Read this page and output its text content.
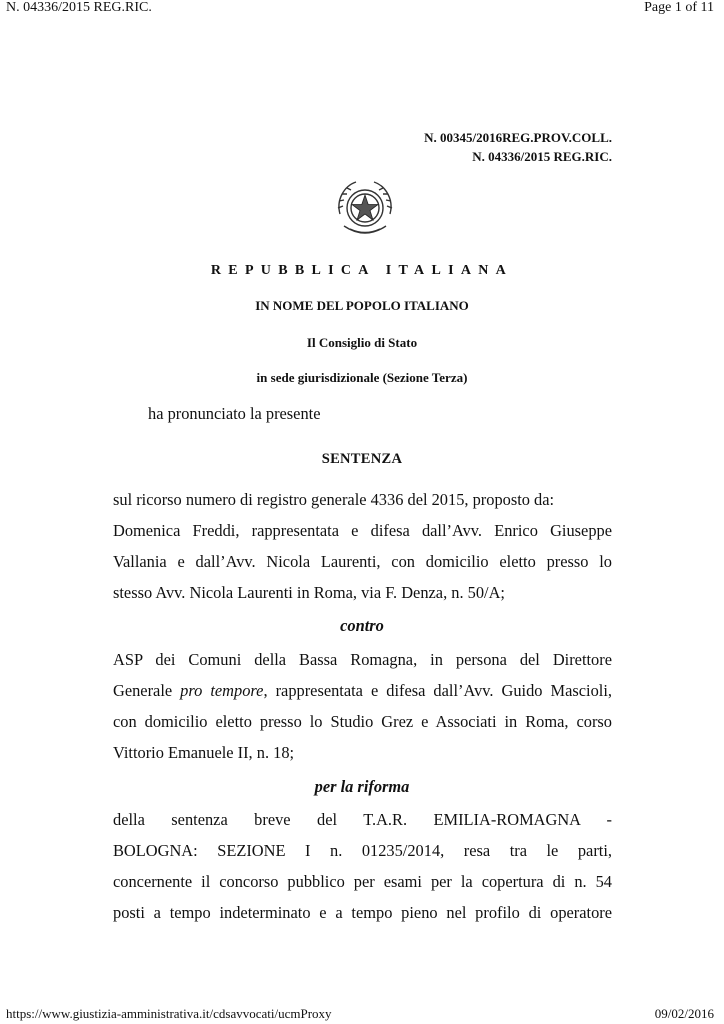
N. 04336/2015 REG.RIC.	Page 1 of 11
N. 00345/2016REG.PROV.COLL.
N. 04336/2015 REG.RIC.
REPUBBLICA ITALIANA
IN NOME DEL POPOLO ITALIANO
Il Consiglio di Stato
in sede giurisdizionale (Sezione Terza)
ha pronunciato la presente
SENTENZA
sul ricorso numero di registro generale 4336 del 2015, proposto da:
Domenica Freddi, rappresentata e difesa dall’Avv. Enrico Giuseppe
Vallania e dall’Avv. Nicola Laurenti, con domicilio eletto presso lo
stesso Avv. Nicola Laurenti in Roma, via F. Denza, n. 50/A;
contro
ASP dei Comuni della Bassa Romagna, in persona del Direttore
Generale pro tempore, rappresentata e difesa dall’Avv. Guido Mascioli,
con domicilio eletto presso lo Studio Grez e Associati in Roma, corso
Vittorio Emanuele II, n. 18;
per la riforma
della sentenza breve del T.A.R. EMILIA-ROMAGNA -
BOLOGNA: SEZIONE I n. 01235/2014, resa tra le parti,
concernente il concorso pubblico per esami per la copertura di n. 54
posti a tempo indeterminato e a tempo pieno nel profilo di operatore
https://www.giustizia-amministrativa.it/cdsavvocati/ucmProxy	09/02/2016
